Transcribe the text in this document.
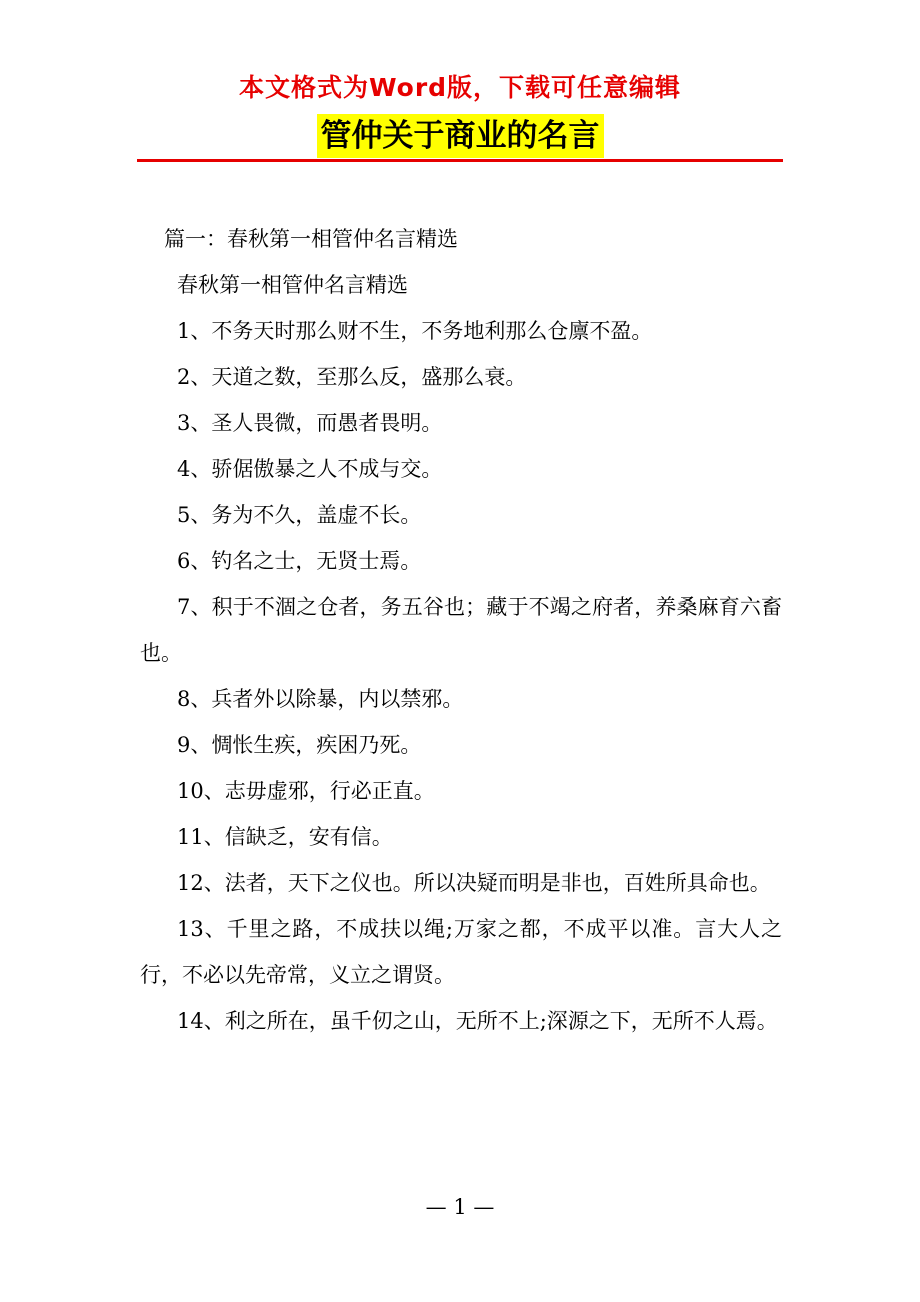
本文格式为Word版，下载可任意编辑
管仲关于商业的名言

篇一：春秋第一相管仲名言精选

春秋第一相管仲名言精选

1、不务天时那么财不生，不务地利那么仓廪不盈。

2、天道之数，至那么反，盛那么衰。

3、圣人畏微，而愚者畏明。

4、骄倨傲暴之人不成与交。

5、务为不久，盖虚不长。

6、钓名之士，无贤士焉。

7、积于不涸之仓者，务五谷也；藏于不竭之府者，养桑麻育六畜也。

8、兵者外以除暴，内以禁邪。

9、惆怅生疾，疾困乃死。

10、志毋虚邪，行必正直。

11、信缺乏，安有信。

12、法者，天下之仪也。所以决疑而明是非也，百姓所具命也。

13、千里之路，不成扶以绳;万家之都，不成平以准。言大人之行，不必以先帝常，义立之谓贤。

14、利之所在，虽千仞之山，无所不上;深源之下，无所不人焉。

— 1 —
